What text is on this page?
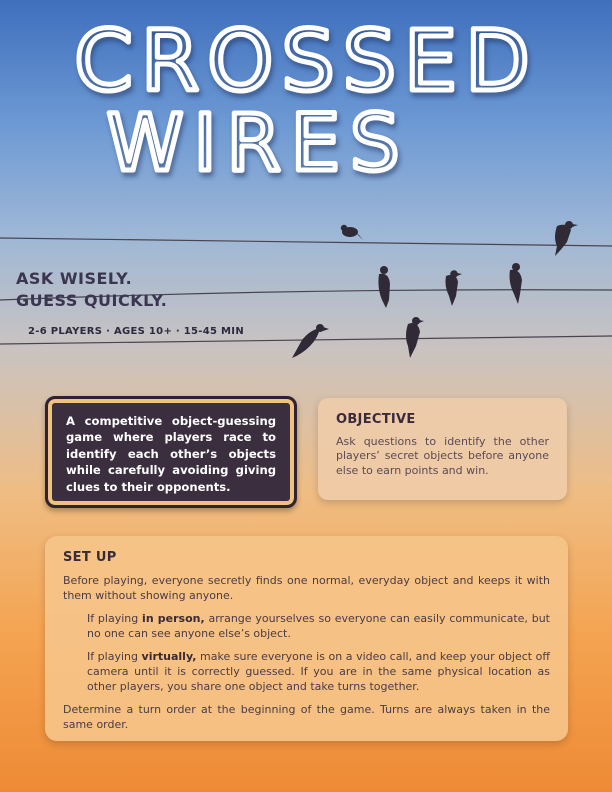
CROSSED
WIRES
ASK WISELY.
GUESS QUICKLY.
2-6 PLAYERS · AGES 10+ · 15-45 MIN

A competitive object-guessing game where players race to identify each other’s objects while carefully avoiding giving clues to their opponents.

OBJECTIVE

Ask questions to identify the other players’ secret objects before anyone else to earn points and win.

SET UP

Before playing, everyone secretly finds one normal, everyday object and keeps it with them without showing anyone.

If playing in person, arrange yourselves so everyone can easily communicate, but no one can see anyone else’s object.

If playing virtually, make sure everyone is on a video call, and keep your object off camera until it is correctly guessed. If you are in the same physical location as other players, you share one object and take turns together.

Determine a turn order at the beginning of the game. Turns are always taken in the same order.
